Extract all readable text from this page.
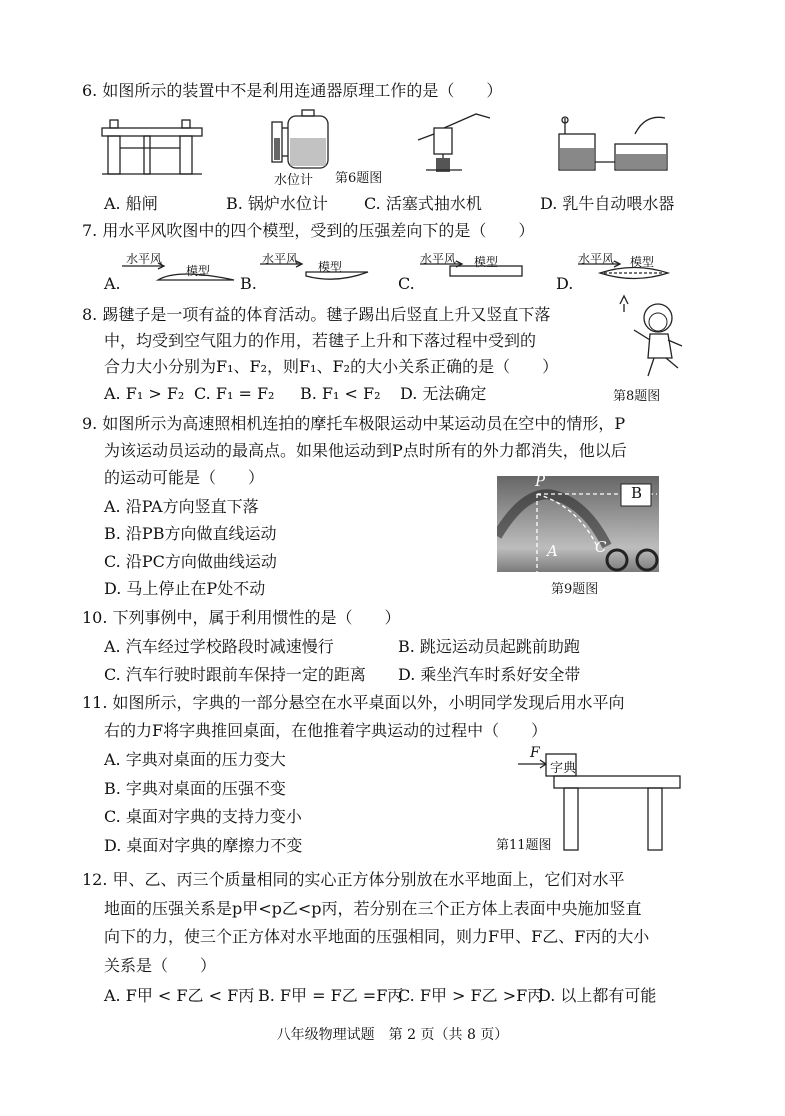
6. 如图所示的装置中不是利用连通器原理工作的是（　　）
水位计 第6题图
A. 船闸	B. 锅炉水位计 C. 活塞式抽水机	D. 乳牛自动喂水器
7. 用水平风吹图中的四个模型，受到的压强差向下的是（　　）
A.
水平风
模型
B.
水平风
模型
C.
水平风 模型
D.
水平风 模型
8. 踢毽子是一项有益的体育活动。毽子踢出后竖直上升又竖直下落
中，均受到空气阻力的作用，若毽子上升和下落过程中受到的
合力大小分别为F₁、F₂，则F₁、F₂的大小关系正确的是（　　）
A. F₁ > F₂ C. F₁ = F₂ B. F₁ < F₂ D. 无法确定	第8题图
9. 如图所示为高速照相机连拍的摩托车极限运动中某运动员在空中的情形，P
为该运动员运动的最高点。如果他运动到P点时所有的外力都消失，他以后
的运动可能是（　　）
A. 沿PA方向竖直下落
B. 沿PB方向做直线运动
C. 沿PC方向做曲线运动
D. 马上停止在P处不动
P
B
A C
第9题图
10. 下列事例中，属于利用惯性的是（　　）
A. 汽车经过学校路段时减速慢行	B. 跳远运动员起跳前助跑
C. 汽车行驶时跟前车保持一定的距离 D. 乘坐汽车时系好安全带
11. 如图所示，字典的一部分悬空在水平桌面以外，小明同学发现后用水平向
右的力F将字典推回桌面，在他推着字典运动的过程中（　　）
A. 字典对桌面的压力变大
B. 字典对桌面的压强不变
C. 桌面对字典的支持力变小
D. 桌面对字典的摩擦力不变
F
字典
第11题图
12. 甲、乙、丙三个质量相同的实心正方体分别放在水平地面上，它们对水平
地面的压强关系是p甲<p乙<p丙，若分别在三个正方体上表面中央施加竖直
向下的力，使三个正方体对水平地面的压强相同，则力F甲、F乙、F丙的大小
关系是（　　）
A. F甲 < F乙 < F丙 B. F甲 = F乙 =F丙
C. F甲 > F乙 >F丙
D. 以上都有可能
八年级物理试题　第 2 页（共 8 页）
